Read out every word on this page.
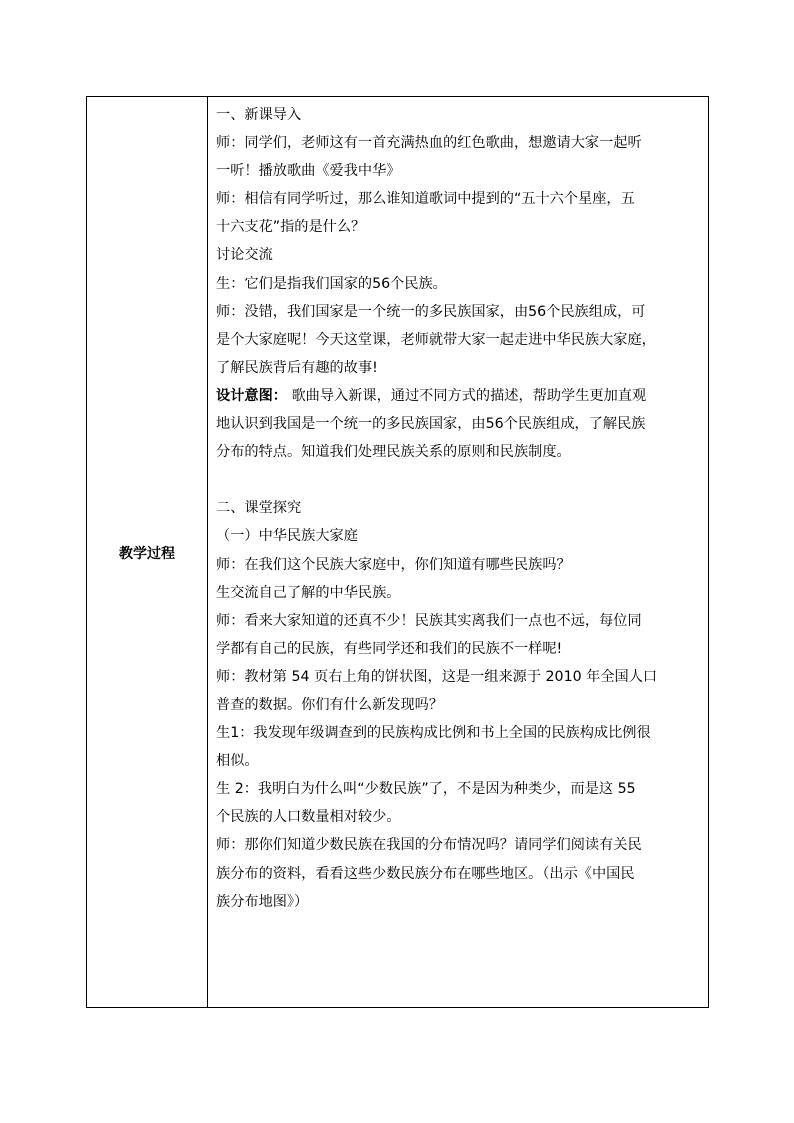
教学过程
一、新课导入
师：同学们，老师这有一首充满热血的红色歌曲，想邀请大家一起听
一听！播放歌曲《爱我中华》
师：相信有同学听过，那么谁知道歌词中提到的“五十六个星座，五
十六支花”指的是什么？
讨论交流
生：它们是指我们国家的56个民族。
师：没错，我们国家是一个统一的多民族国家，由56个民族组成，可
是个大家庭呢！今天这堂课，老师就带大家一起走进中华民族大家庭，
了解民族背后有趣的故事!
设计意图： 歌曲导入新课，通过不同方式的描述，帮助学生更加直观
地认识到我国是一个统一的多民族国家，由56个民族组成，了解民族
分布的特点。知道我们处理民族关系的原则和民族制度。
二、课堂探究
（一）中华民族大家庭
师：在我们这个民族大家庭中，你们知道有哪些民族吗？
生交流自己了解的中华民族。
师：看来大家知道的还真不少！民族其实离我们一点也不远，每位同
学都有自己的民族，有些同学还和我们的民族不一样呢!
师：教材第 54 页右上角的饼状图，这是一组来源于 2010 年全国人口
普查的数据。你们有什么新发现吗？
生1：我发现年级调查到的民族构成比例和书上全国的民族构成比例很
相似。
生 2：我明白为什么叫“少数民族”了，不是因为种类少，而是这 55
个民族的人口数量相对较少。
师：那你们知道少数民族在我国的分布情况吗？请同学们阅读有关民
族分布的资料，看看这些少数民族分布在哪些地区。（出示《中国民
族分布地图》）
